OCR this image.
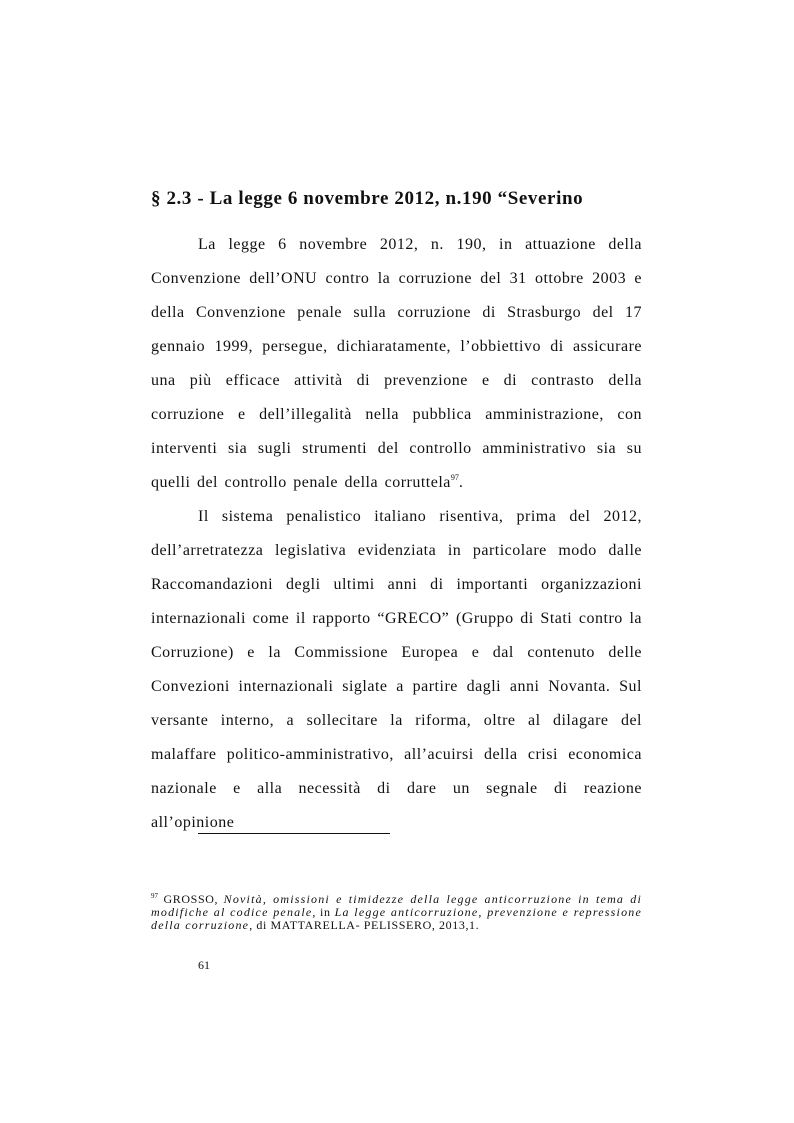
§ 2.3 - La legge 6 novembre 2012, n.190 “Severino

La legge 6 novembre 2012, n. 190, in attuazione della Convenzione dell’ONU contro la corruzione del 31 ottobre 2003 e della Convenzione penale sulla corruzione di Strasburgo del 17 gennaio 1999, persegue, dichiaratamente, l’obbiettivo di assicurare una più efficace attività di prevenzione e di contrasto della corruzione e dell’illegalità nella pubblica amministrazione, con interventi sia sugli strumenti del controllo amministrativo sia su quelli del controllo penale della corruttela$^{97}$.

Il sistema penalistico italiano risentiva, prima del 2012, dell’arretratezza legislativa evidenziata in particolare modo dalle Raccomandazioni degli ultimi anni di importanti organizzazioni internazionali come il rapporto “GRECO” (Gruppo di Stati contro la Corruzione) e la Commissione Europea e dal contenuto delle Convezioni internazionali siglate a partire dagli anni Novanta. Sul versante interno, a sollecitare la riforma, oltre al dilagare del malaffare politico-amministrativo, all’acuirsi della crisi economica nazionale e alla necessità di dare un segnale di reazione all’opinione

$^{97}$ GROSSO, Novità, omissioni e timidezze della legge anticorruzione in tema di modifiche al codice penale, in La legge anticorruzione, prevenzione e repressione della corruzione, di MATTARELLA- PELISSERO, 2013,1.

61
